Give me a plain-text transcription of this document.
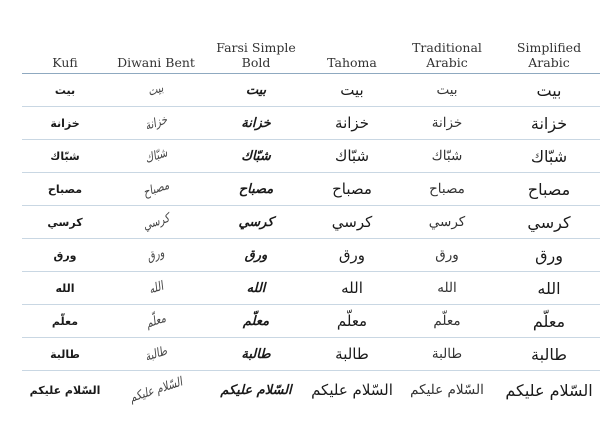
Kufi	Diwani Bent	Farsi Simple Bold	Tahoma	Traditional Arabic	Simplified Arabic
بيت	بيت	بيت	بيت	بيت	بيت
خزانة	خزانة	خزانة	خزانة	خزانة	خزانة
شبّاك	شبّاك	شبّاك	شبّاك	شبّاك	شبّاك
مصباح	مصباح	مصباح	مصباح	مصباح	مصباح
كرسي	كرسي	كرسي	كرسي	كرسي	كرسي
ورق	ورق	ورق	ورق	ورق	ورق
الله	الله	الله	الله	الله	الله
معلّم	معلّم	معلّم	معلّم	معلّم	معلّم
طالبة	طالبة	طالبة	طالبة	طالبة	طالبة
السّلام عليكم	السّلام عليكم	السّلام عليكم	السّلام عليكم	السّلام عليكم	السّلام عليكم
